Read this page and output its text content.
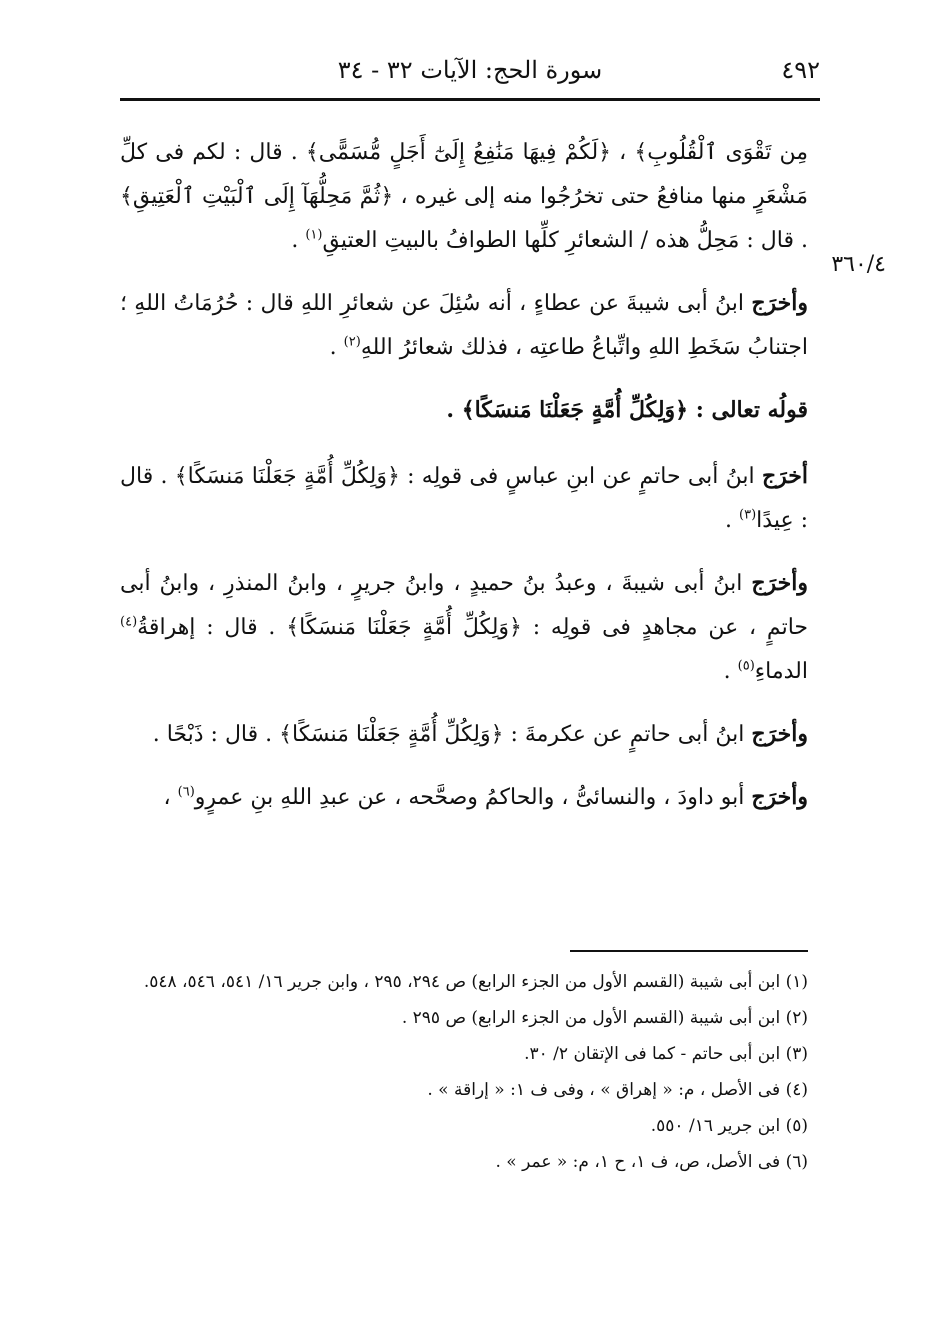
٤٩٢
سورة الحج: الآيات ٣٢ - ٣٤
٣٦٠/٤

مِن تَقْوَى ٱلْقُلُوبِ﴾ ، ﴿لَكُمْ فِيهَا مَنَٰفِعُ إِلَىٰٓ أَجَلٍ مُّسَمًّى﴾ . قال : لكم فى كلِّ مَشْعَرٍ منها منافعُ حتى تخرُجُوا منه إلى غيره ، ﴿ثُمَّ مَحِلُّهَآ إِلَى ٱلْبَيْتِ ٱلْعَتِيقِ﴾ . قال : مَحِلُّ هذه / الشعائرِ كلِّها الطوافُ بالبيتِ العتيقِ$^{(١)}$ .

وأخرَج ابنُ أبى شيبةَ عن عطاءٍ ، أنه سُئِلَ عن شعائرِ اللهِ قال : حُرُمَاتُ اللهِ ؛ اجتنابُ سَخَطِ اللهِ واتِّباعُ طاعتِه ، فذلك شعائرُ اللهِ$^{(٢)}$ .

قولُه تعالى : ﴿وَلِكُلِّ أُمَّةٍ جَعَلْنَا مَنسَكًا﴾ .

أخرَج ابنُ أبى حاتمٍ عن ابنِ عباسٍ فى قولِه : ﴿وَلِكُلِّ أُمَّةٍ جَعَلْنَا مَنسَكًا﴾ . قال : عِيدًا$^{(٣)}$ .

وأخرَج ابنُ أبى شيبةَ ، وعبدُ بنُ حميدٍ ، وابنُ جريرٍ ، وابنُ المنذرِ ، وابنُ أبى حاتمٍ ، عن مجاهدٍ فى قولِه : ﴿وَلِكُلِّ أُمَّةٍ جَعَلْنَا مَنسَكًا﴾ . قال : إهراقةُ$^{(٤)}$ الدماءِ$^{(٥)}$ .

وأخرَج ابنُ أبى حاتمٍ عن عكرمةَ : ﴿وَلِكُلِّ أُمَّةٍ جَعَلْنَا مَنسَكًا﴾ . قال : ذَبْحًا .

وأخرَج أبو داودَ ، والنسائىُّ ، والحاكمُ وصحَّحه ، عن عبدِ اللهِ بنِ عمرٍو$^{(٦)}$ ،

(١) ابن أبى شيبة (القسم الأول من الجزء الرابع) ص ٢٩٤، ٢٩٥ ، وابن جرير ١٦/ ٥٤١، ٥٤٦، ٥٤٨.

(٢) ابن أبى شيبة (القسم الأول من الجزء الرابع) ص ٢٩٥ .

(٣) ابن أبى حاتم - كما فى الإتقان ٢/ ٣٠.

(٤) فى الأصل ، م: « إهراق » ، وفى ف ١: « إراقة » .

(٥) ابن جرير ١٦/ ٥٥٠.

(٦) فى الأصل، ص، ف ١، ح ١، م: « عمر » .
